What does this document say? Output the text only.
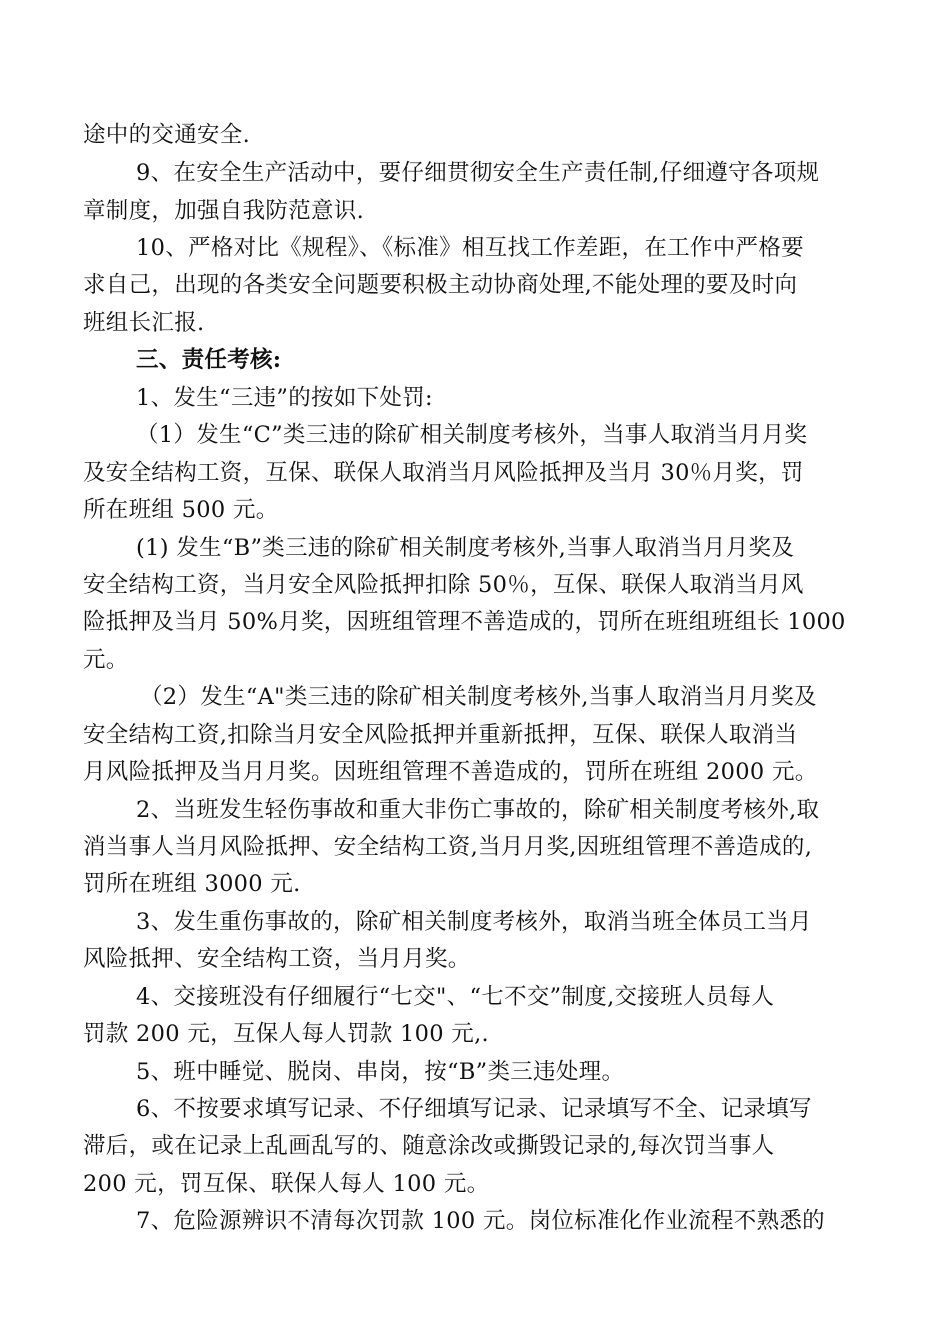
途中的交通安全.
9、在安全生产活动中，要仔细贯彻安全生产责任制,仔细遵守各项规
章制度，加强自我防范意识.
10、严格对比《规程》、《标准》相互找工作差距，在工作中严格要
求自己，出现的各类安全问题要积极主动协商处理,不能处理的要及时向
班组长汇报.
三、责任考核:
1、发生“三违”的按如下处罚:
（1）发生“C”类三违的除矿相关制度考核外，当事人取消当月月奖
及安全结构工资，互保、联保人取消当月风险抵押及当月 30％月奖，罚
所在班组 500 元。
(1) 发生“B”类三违的除矿相关制度考核外,当事人取消当月月奖及
安全结构工资，当月安全风险抵押扣除 50％，互保、联保人取消当月风
险抵押及当月 50%月奖，因班组管理不善造成的，罚所在班组班组长 1000
元。
（2）发生“A"类三违的除矿相关制度考核外,当事人取消当月月奖及
安全结构工资,扣除当月安全风险抵押并重新抵押，互保、联保人取消当
月风险抵押及当月月奖。因班组管理不善造成的，罚所在班组 2000 元。
2、当班发生轻伤事故和重大非伤亡事故的，除矿相关制度考核外,取
消当事人当月风险抵押、安全结构工资,当月月奖,因班组管理不善造成的,
罚所在班组 3000 元.
3、发生重伤事故的，除矿相关制度考核外，取消当班全体员工当月
风险抵押、安全结构工资，当月月奖。
4、交接班没有仔细履行“七交"、“七不交”制度,交接班人员每人
罚款 200 元，互保人每人罚款 100 元,.
5、班中睡觉、脱岗、串岗，按“B”类三违处理。
6、不按要求填写记录、不仔细填写记录、记录填写不全、记录填写
滞后，或在记录上乱画乱写的、随意涂改或撕毁记录的,每次罚当事人
200 元，罚互保、联保人每人 100 元。
7、危险源辨识不清每次罚款 100 元。岗位标准化作业流程不熟悉的
